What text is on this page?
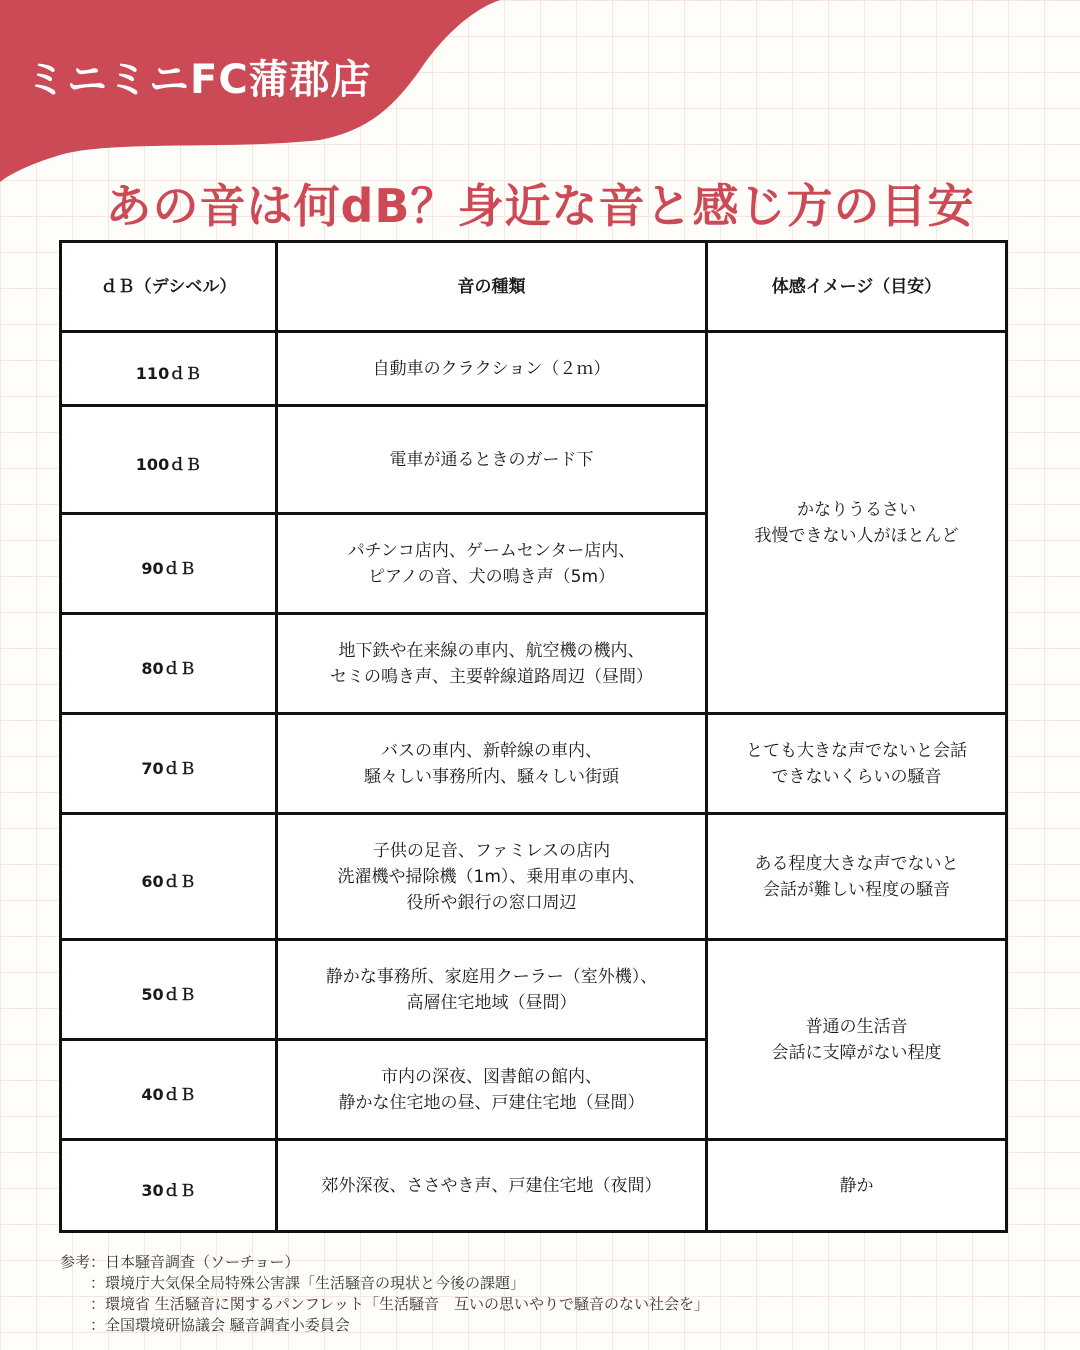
ミニミニFC蒲郡店
あの音は何dB？身近な音と感じ方の目安
ｄＢ（デシベル）	音の種類	体感イメージ（目安）

110ｄＢ	自動車のクラクション（２ｍ）	かなりうるさい
我慢できない人がほとんど

100ｄＢ	電車が通るときのガード下	

90ｄＢ	パチンコ店内、ゲームセンター店内、
ピアノの音、犬の鳴き声（5m）	

80ｄＢ	地下鉄や在来線の車内、航空機の機内、
セミの鳴き声、主要幹線道路周辺（昼間）	

70ｄＢ	バスの車内、新幹線の車内、
騒々しい事務所内、騒々しい街頭	とても大きな声でないと会話
できないくらいの騒音

60ｄＢ	子供の足音、ファミレスの店内
洗濯機や掃除機（1m）、乗用車の車内、
役所や銀行の窓口周辺	ある程度大きな声でないと
会話が難しい程度の騒音

50ｄＢ	静かな事務所、家庭用クーラー（室外機）、
高層住宅地域（昼間）	普通の生活音
会話に支障がない程度

40ｄＢ	市内の深夜、図書館の館内、
静かな住宅地の昼、戸建住宅地（昼間）	

30ｄＢ	郊外深夜、ささやき声、戸建住宅地（夜間）	静か
参考：日本騒音調査（ソーチョー）
　　：環境庁大気保全局特殊公害課「生活騒音の現状と今後の課題」
　　：環境省 生活騒音に関するパンフレット「生活騒音　互いの思いやりで騒音のない社会を」
　　：全国環境研協議会 騒音調査小委員会
